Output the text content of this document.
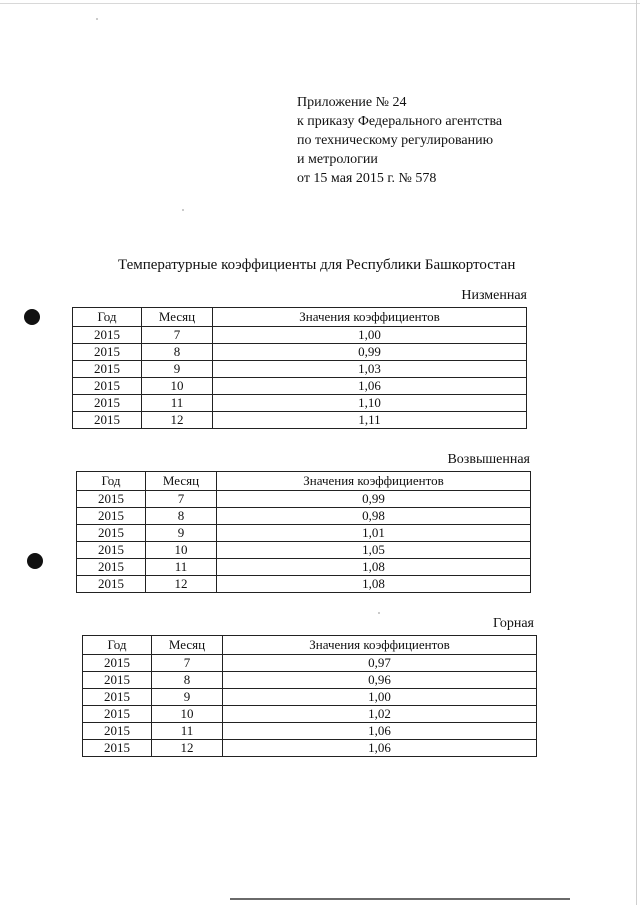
Приложение № 24
к приказу Федерального агентства
по техническому регулированию
и метрологии
от 15 мая 2015 г. № 578
Температурные коэффициенты для Республики Башкортостан
Низменная
Год	Месяц	Значения коэффициентов
2015	7	1,00
2015	8	0,99
2015	9	1,03
2015	10	1,06
2015	11	1,10
2015	12	1,11
Возвышенная
Год	Месяц	Значения коэффициентов
2015	7	0,99
2015	8	0,98
2015	9	1,01
2015	10	1,05
2015	11	1,08
2015	12	1,08
Горная
Год	Месяц	Значения коэффициентов
2015	7	0,97
2015	8	0,96
2015	9	1,00
2015	10	1,02
2015	11	1,06
2015	12	1,06
